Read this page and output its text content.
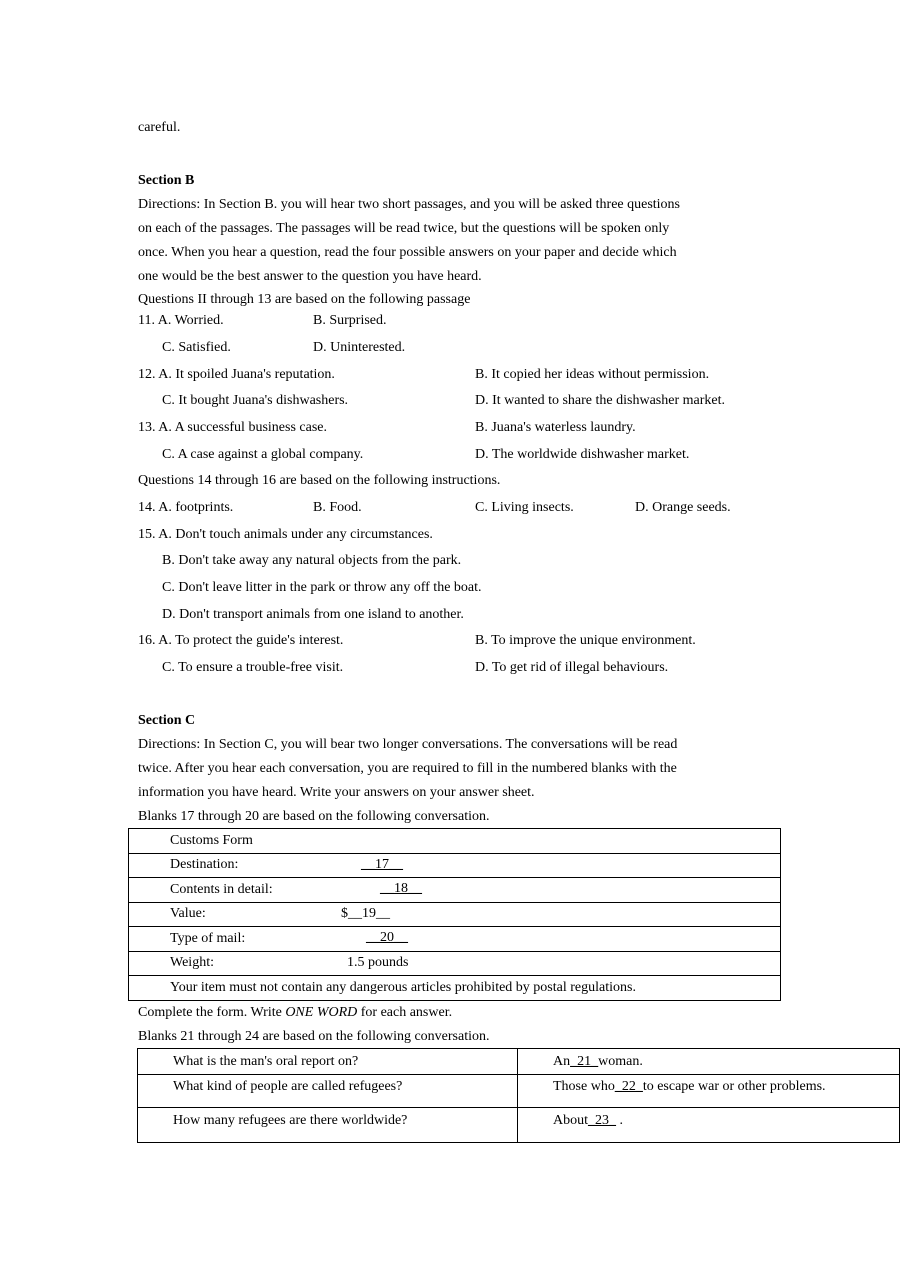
careful.
Section B
Directions: In Section B. you will hear two short passages, and you will be asked three questions
on each of the passages. The passages will be read twice, but the questions will be spoken only
once. When you hear a question, read the four possible answers on your paper and decide which
one would be the best answer to the question you have heard.
Questions II through 13 are based on the following passage
11. A. Worried.	B. Surprised.
C. Satisfied.	D. Uninterested.
12. A. It spoiled Juana's reputation.	B. It copied her ideas without permission.
C. It bought Juana's dishwashers.	D. It wanted to share the dishwasher market.
13. A. A successful business case.	B. Juana's waterless laundry.
C. A case against a global company.	D. The worldwide dishwasher market.
Questions 14 through 16 are based on the following instructions.
14. A. footprints.	B. Food.	C. Living insects.	D. Orange seeds.
15. A. Don't touch animals under any circumstances.
B. Don't take away any natural objects from the park.
C. Don't leave litter in the park or throw any off the boat.
D. Don't transport animals from one island to another.
16. A. To protect the guide's interest.	B. To improve the unique environment.
C. To ensure a trouble-free visit.	D. To get rid of illegal behaviours.
Section C
Directions: In Section C, you will bear two longer conversations. The conversations will be read
twice. After you hear each conversation, you are required to fill in the numbered blanks with the
information you have heard. Write your answers on your answer sheet.
Blanks 17 through 20 are based on the following conversation.
Customs Form
Destination:	__17__

Contents in detail:	__18__

Value:	$__19__

Type of mail:	__20__

Weight:	1.5 pounds

Your item must not contain any dangerous articles prohibited by postal regulations.
Complete the form. Write ONE WORD for each answer.
Blanks 21 through 24 are based on the following conversation.
What is the man's oral report on?	An_21_woman.
What kind of people are called refugees?	Those who_22_to escape war or other problems.
How many refugees are there worldwide?	About_23_ .
